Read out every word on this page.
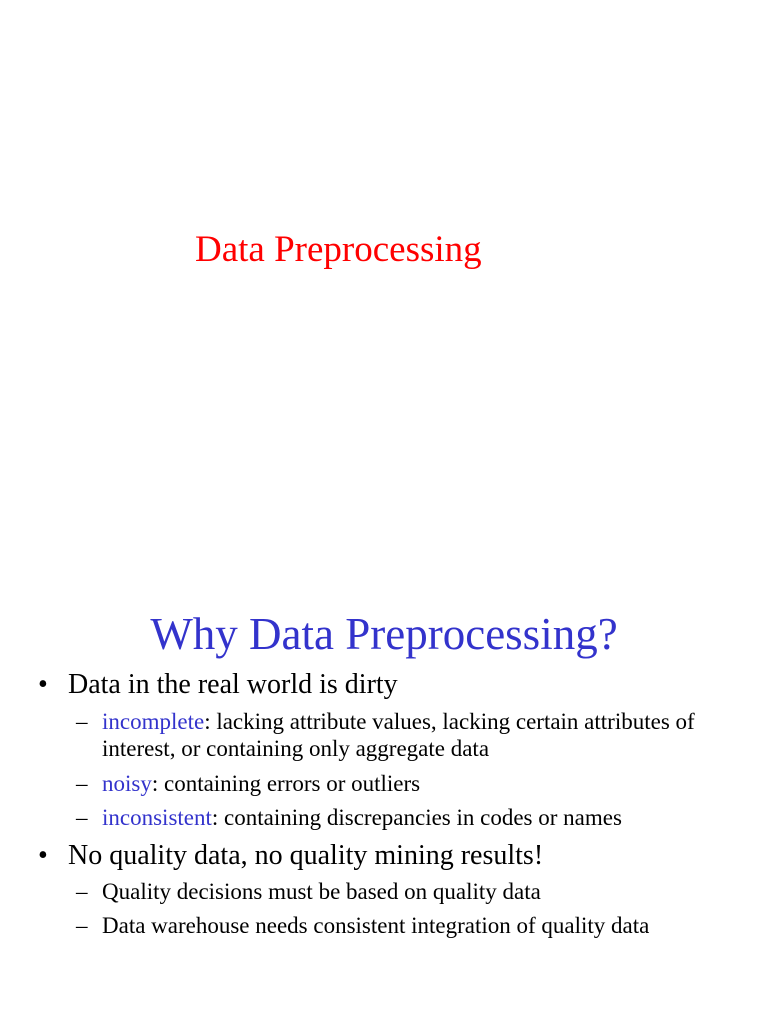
Data Preprocessing
Why Data Preprocessing?
• Data in the real world is dirty
– incomplete: lacking attribute values, lacking certain attributes of interest, or containing only aggregate data
– noisy: containing errors or outliers
– inconsistent: containing discrepancies in codes or names
• No quality data, no quality mining results!
– Quality decisions must be based on quality data
– Data warehouse needs consistent integration of quality data
